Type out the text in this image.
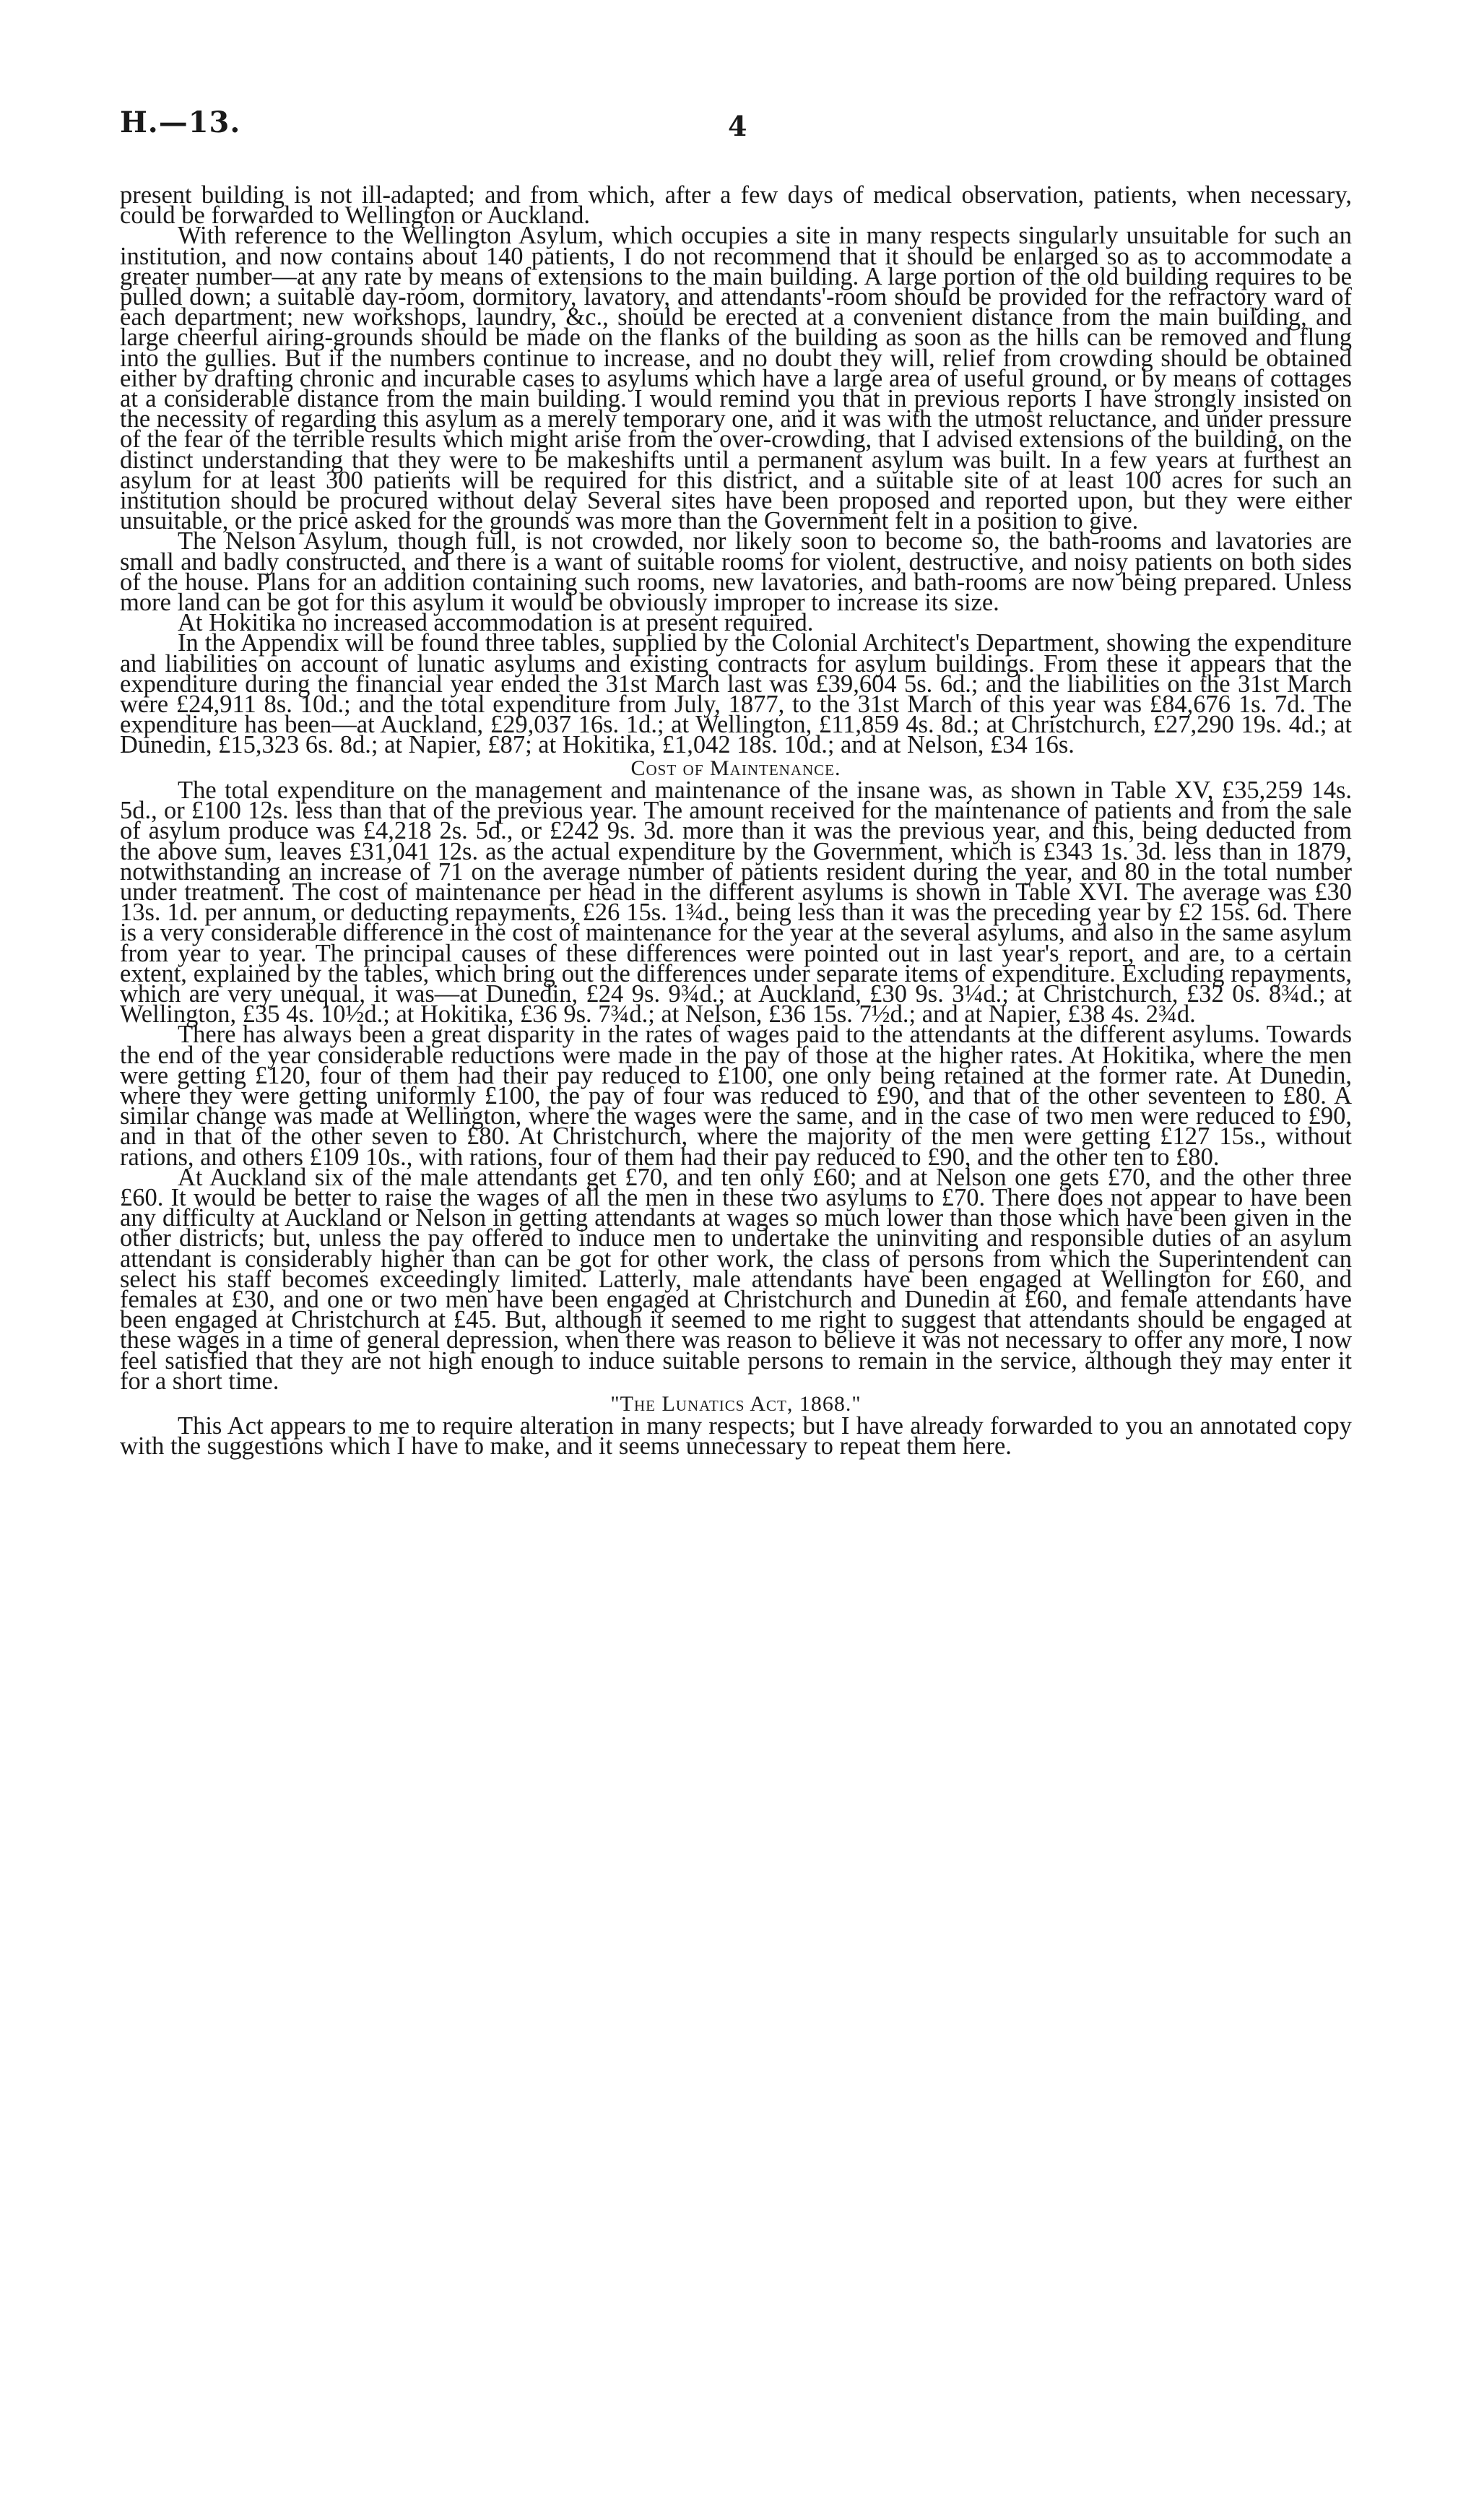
H.—13.	4

present building is not ill-adapted; and from which, after a few days of medical observation, patients, when necessary, could be forwarded to Wellington or Auckland.

With reference to the Wellington Asylum, which occupies a site in many respects singularly unsuitable for such an institution, and now contains about 140 patients, I do not recommend that it should be enlarged so as to accommodate a greater number—at any rate by means of extensions to the main building. A large portion of the old building requires to be pulled down; a suitable day-room, dormitory, lavatory, and attendants'-room should be provided for the refractory ward of each department; new workshops, laundry, &c., should be erected at a convenient distance from the main building, and large cheerful airing-grounds should be made on the flanks of the building as soon as the hills can be removed and flung into the gullies. But if the numbers continue to increase, and no doubt they will, relief from crowding should be obtained either by drafting chronic and incurable cases to asylums which have a large area of useful ground, or by means of cottages at a considerable distance from the main building. I would remind you that in previous reports I have strongly insisted on the necessity of regarding this asylum as a merely temporary one, and it was with the utmost reluctance, and under pressure of the fear of the terrible results which might arise from the over-crowding, that I advised extensions of the building, on the distinct understanding that they were to be makeshifts until a permanent asylum was built. In a few years at furthest an asylum for at least 300 patients will be required for this district, and a suitable site of at least 100 acres for such an institution should be procured without delay Several sites have been proposed and reported upon, but they were either unsuitable, or the price asked for the grounds was more than the Government felt in a position to give.

The Nelson Asylum, though full, is not crowded, nor likely soon to become so, the bath-rooms and lavatories are small and badly constructed, and there is a want of suitable rooms for violent, destructive, and noisy patients on both sides of the house. Plans for an addition containing such rooms, new lavatories, and bath-rooms are now being prepared. Unless more land can be got for this asylum it would be obviously improper to increase its size.

At Hokitika no increased accommodation is at present required.

In the Appendix will be found three tables, supplied by the Colonial Architect's Department, showing the expenditure and liabilities on account of lunatic asylums and existing contracts for asylum buildings. From these it appears that the expenditure during the financial year ended the 31st March last was £39,604 5s. 6d.; and the liabilities on the 31st March were £24,911 8s. 10d.; and the total expenditure from July, 1877, to the 31st March of this year was £84,676 1s. 7d. The expenditure has been—at Auckland, £29,037 16s. 1d.; at Wellington, £11,859 4s. 8d.; at Christchurch, £27,290 19s. 4d.; at Dunedin, £15,323 6s. 8d.; at Napier, £87; at Hokitika, £1,042 18s. 10d.; and at Nelson, £34 16s.

Cost of Maintenance.

The total expenditure on the management and maintenance of the insane was, as shown in Table XV, £35,259 14s. 5d., or £100 12s. less than that of the previous year. The amount received for the maintenance of patients and from the sale of asylum produce was £4,218 2s. 5d., or £242 9s. 3d. more than it was the previous year, and this, being deducted from the above sum, leaves £31,041 12s. as the actual expenditure by the Government, which is £343 1s. 3d. less than in 1879, notwithstanding an increase of 71 on the average number of patients resident during the year, and 80 in the total number under treatment. The cost of maintenance per head in the different asylums is shown in Table XVI. The average was £30 13s. 1d. per annum, or deducting repayments, £26 15s. 1¾d., being less than it was the preceding year by £2 15s. 6d. There is a very considerable difference in the cost of maintenance for the year at the several asylums, and also in the same asylum from year to year. The principal causes of these differences were pointed out in last year's report, and are, to a certain extent, explained by the tables, which bring out the differences under separate items of expenditure. Excluding repayments, which are very unequal, it was—at Dunedin, £24 9s. 9¾d.; at Auckland, £30 9s. 3¼d.; at Christchurch, £32 0s. 8¾d.; at Wellington, £35 4s. 10½d.; at Hokitika, £36 9s. 7¾d.; at Nelson, £36 15s. 7½d.; and at Napier, £38 4s. 2¾d.

There has always been a great disparity in the rates of wages paid to the attendants at the different asylums. Towards the end of the year considerable reductions were made in the pay of those at the higher rates. At Hokitika, where the men were getting £120, four of them had their pay reduced to £100, one only being retained at the former rate. At Dunedin, where they were getting uniformly £100, the pay of four was reduced to £90, and that of the other seventeen to £80. A similar change was made at Wellington, where the wages were the same, and in the case of two men were reduced to £90, and in that of the other seven to £80. At Christchurch, where the majority of the men were getting £127 15s., without rations, and others £109 10s., with rations, four of them had their pay reduced to £90, and the other ten to £80.

At Auckland six of the male attendants get £70, and ten only £60; and at Nelson one gets £70, and the other three £60. It would be better to raise the wages of all the men in these two asylums to £70. There does not appear to have been any difficulty at Auckland or Nelson in getting attendants at wages so much lower than those which have been given in the other districts; but, unless the pay offered to induce men to undertake the uninviting and responsible duties of an asylum attendant is considerably higher than can be got for other work, the class of persons from which the Superintendent can select his staff becomes exceedingly limited. Latterly, male attendants have been engaged at Wellington for £60, and females at £30, and one or two men have been engaged at Christchurch and Dunedin at £60, and female attendants have been engaged at Christchurch at £45. But, although it seemed to me right to suggest that attendants should be engaged at these wages in a time of general depression, when there was reason to believe it was not necessary to offer any more, I now feel satisfied that they are not high enough to induce suitable persons to remain in the service, although they may enter it for a short time.

"The Lunatics Act, 1868."

This Act appears to me to require alteration in many respects; but I have already forwarded to you an annotated copy with the suggestions which I have to make, and it seems unnecessary to repeat them here.
